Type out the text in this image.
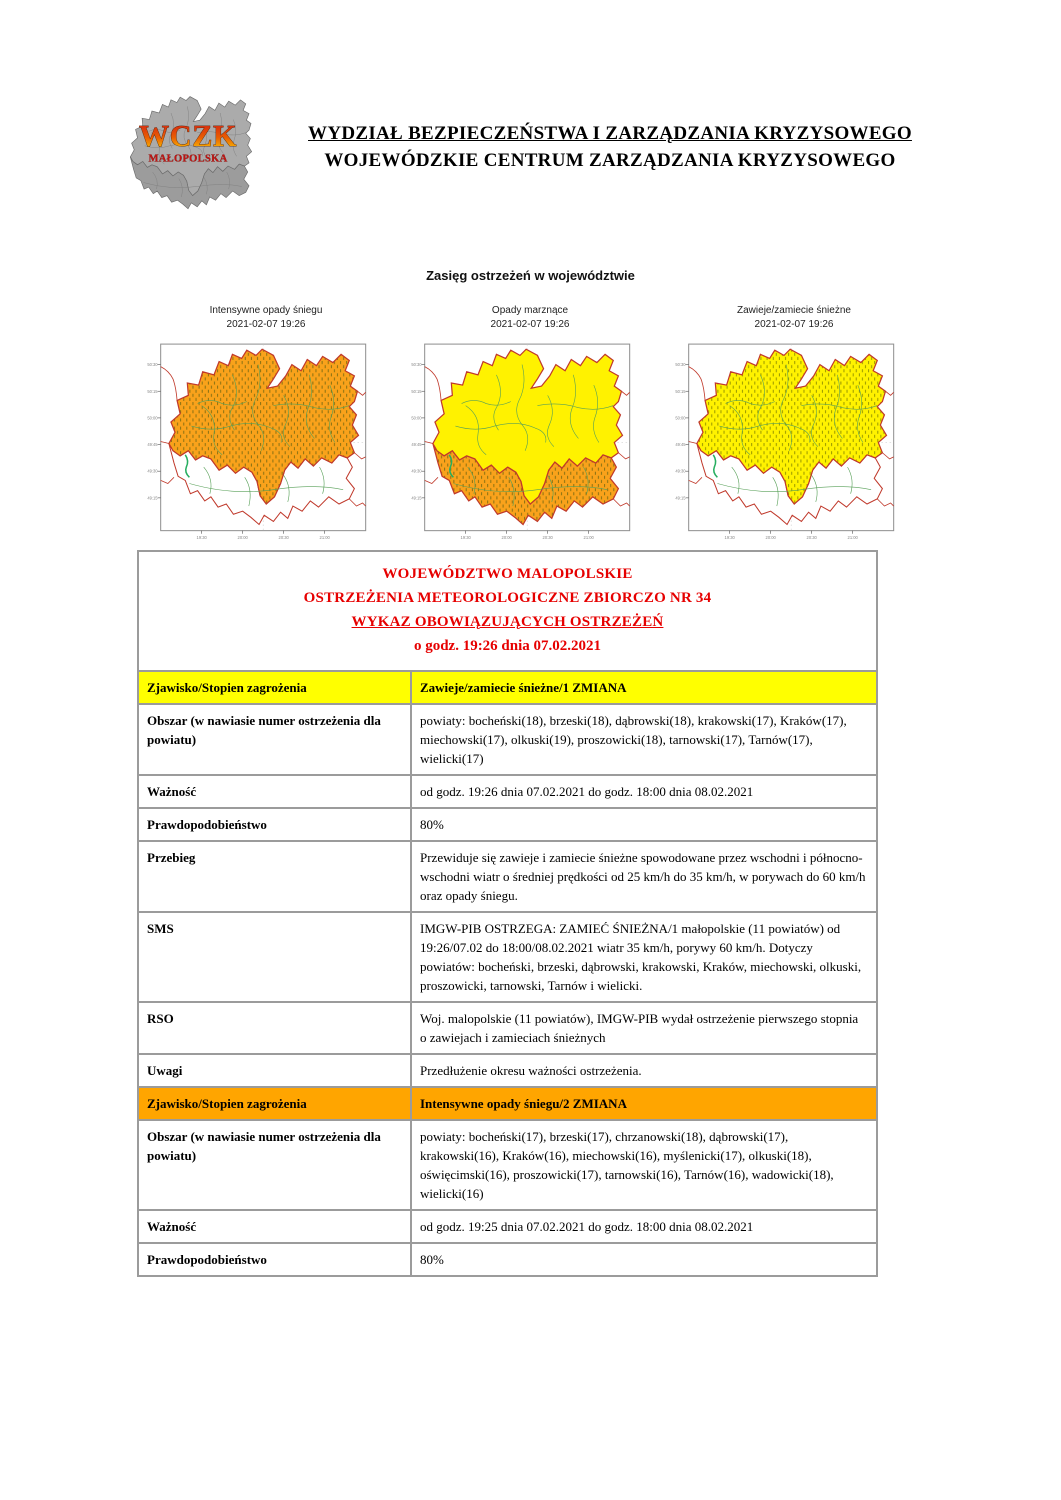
WCZK
MAŁOPOLSKA
WYDZIAŁ BEZPIECZEŃSTWA I ZARZĄDZANIA KRYZYSOWEGO
WOJEWÓDZKIE CENTRUM ZARZĄDZANIA KRYZYSOWEGO
Zasięg ostrzeżeń w województwie
Intensywne opady śniegu
2021-02-07 19:26
50:30
50:15
50:00
49:45
49:30
49:15
19:30	20:00	20:30	21:00
Opady marznące
2021-02-07 19:26
50:30
50:15
50:00
49:45
49:30
49:15
19:30	20:00	20:30	21:00
Zawieje/zamiecie śnieżne
2021-02-07 19:26
50:30
50:15
50:00
49:45
49:30
49:15
19:30	20:00	20:30	21:00
WOJEWÓDZTWO MALOPOLSKIE
OSTRZEŻENIA METEOROLOGICZNE ZBIORCZO NR 34
WYKAZ OBOWIĄZUJĄCYCH OSTRZEŻEŃ
o godz. 19:26 dnia 07.02.2021	

Zjawisko/Stopien zagrożenia	Zawieje/zamiecie śnieżne/1 ZMIANA
Obszar (w nawiasie numer ostrzeżenia dla powiatu)	powiaty: bocheński(18), brzeski(18), dąbrowski(18), krakowski(17), Kraków(17), miechowski(17), olkuski(19), proszowicki(18), tarnowski(17), Tarnów(17), wielicki(17)
Ważność	od godz. 19:26 dnia 07.02.2021 do godz. 18:00 dnia 08.02.2021
Prawdopodobieństwo	80%
Przebieg	Przewiduje się zawieje i zamiecie śnieżne spowodowane przez wschodni i północno-wschodni wiatr o średniej prędkości od 25 km/h do 35 km/h, w porywach do 60 km/h oraz opady śniegu.
SMS	IMGW-PIB OSTRZEGA: ZAMIEĆ ŚNIEŻNA/1 małopolskie (11 powiatów) od 19:26/07.02 do 18:00/08.02.2021 wiatr 35 km/h, porywy 60 km/h. Dotyczy powiatów: bocheński, brzeski, dąbrowski, krakowski, Kraków, miechowski, olkuski, proszowicki, tarnowski, Tarnów i wielicki.
RSO	Woj. malopolskie (11 powiatów), IMGW-PIB wydał ostrzeżenie pierwszego stopnia o zawiejach i zamieciach śnieżnych
Uwagi	Przedłużenie okresu ważności ostrzeżenia.
Zjawisko/Stopien zagrożenia	Intensywne opady śniegu/2 ZMIANA
Obszar (w nawiasie numer ostrzeżenia dla powiatu)	powiaty: bocheński(17), brzeski(17), chrzanowski(18), dąbrowski(17), krakowski(16), Kraków(16), miechowski(16), myślenicki(17), olkuski(18), oświęcimski(16), proszowicki(17), tarnowski(16), Tarnów(16), wadowicki(18), wielicki(16)
Ważność	od godz. 19:25 dnia 07.02.2021 do godz. 18:00 dnia 08.02.2021
Prawdopodobieństwo	80%
